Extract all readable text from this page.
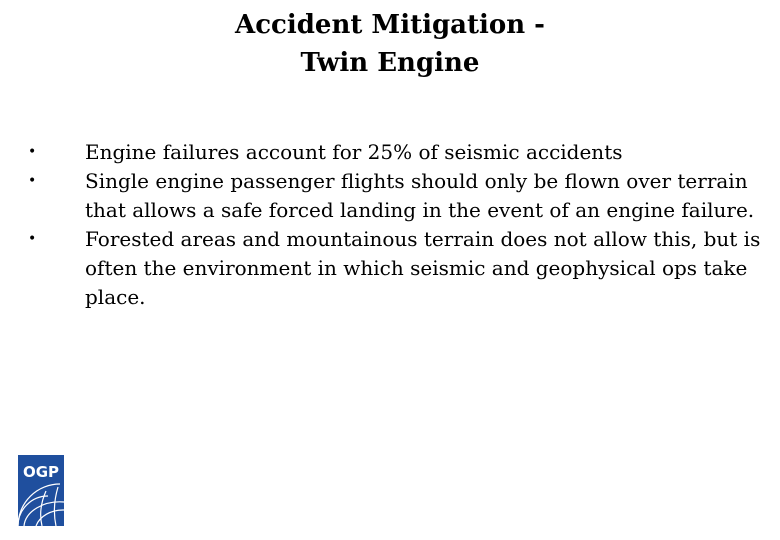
Accident Mitigation -
Twin Engine
• Engine failures account for 25% of seismic accidents
• Single engine passenger flights should only be flown over terrain that allows a safe forced landing in the event of an engine failure.
• Forested areas and mountainous terrain does not allow this, but is often the environment in which seismic and geophysical ops take place.
OGP
